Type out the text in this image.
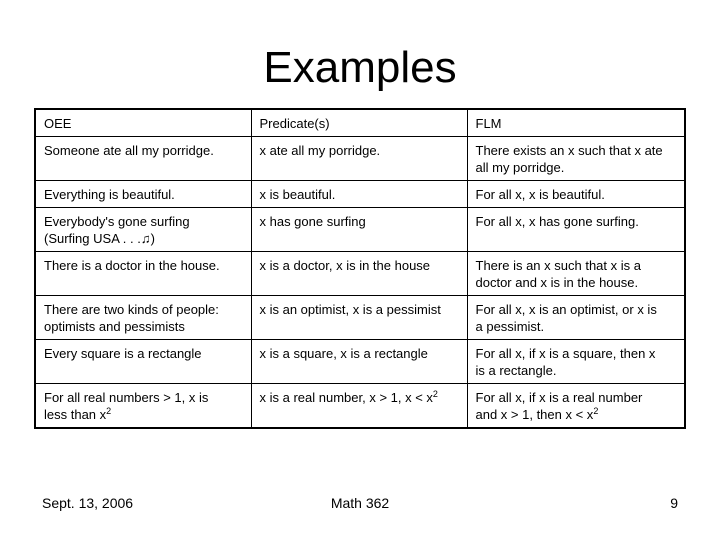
Examples
OEE	Predicate(s)	FLM
Someone ate all my porridge.	x ate all my porridge.	There exists an x such that x ate
all my porridge.
Everything is beautiful.	x is beautiful.	For all x, x is beautiful.
Everybody's gone surfing
(Surfing USA . . .♫)	x has gone surfing	For all x, x has gone surfing.
There is a doctor in the house.	x is a doctor, x is in the house	There is an x such that x is a
doctor and x is in the house.
There are two kinds of people:
optimists and pessimists	x is an optimist, x is a pessimist	For all x, x is an optimist, or x is
a pessimist.
Every square is a rectangle	x is a square, x is a rectangle	For all x, if x is a square, then x
is a rectangle.
For all real numbers > 1, x is
less than $x^2$	x is a real number, x > 1, $x < x^2$	For all x, if x is a real number
and x > 1, then $x < x^2$
Sept. 13, 2006	Math 362	9
